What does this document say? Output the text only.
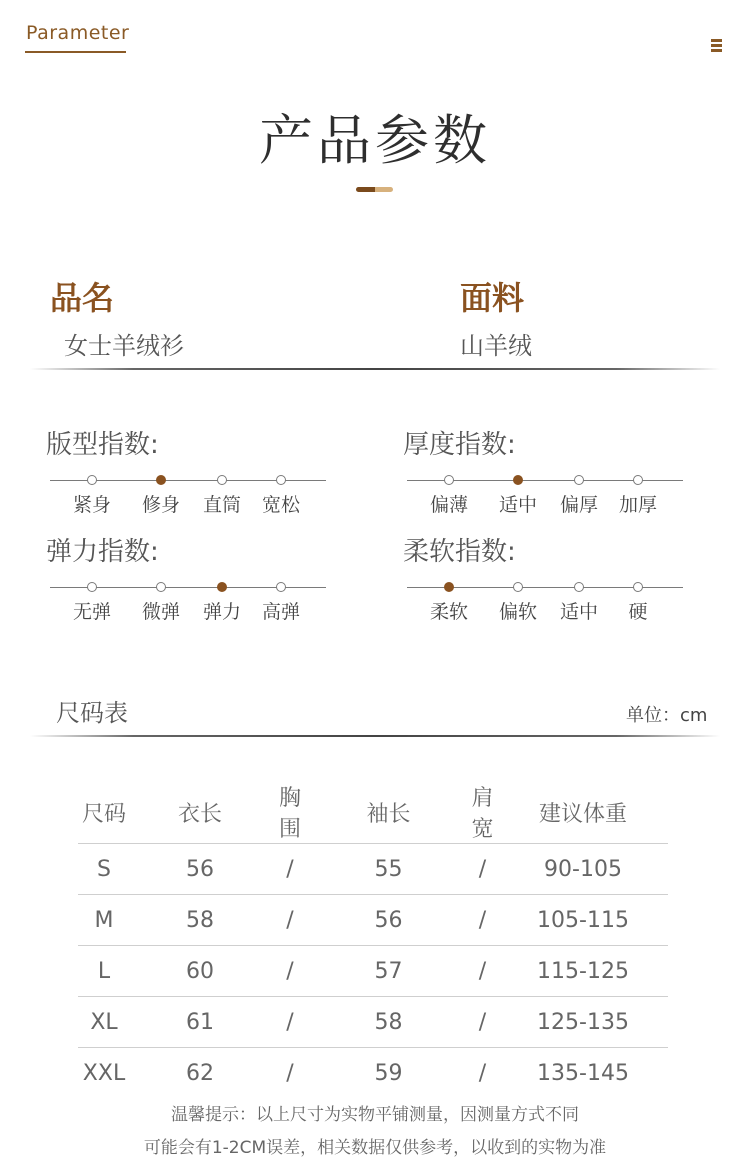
Parameter
产品参数
品名
女士羊绒衫
面料
山羊绒
版型指数:
紧身 修身 直筒 宽松
厚度指数:
偏薄 适中 偏厚 加厚
弹力指数:
无弹 微弹 弹力 高弹
柔软指数:
柔软 偏软 适中 硬
尺码表	单位：cm
尺码	衣长	胸围	袖长	肩宽	建议体重
S	56	/	55	/	90-105
M	58	/	56	/	105-115
L	60	/	57	/	115-125
XL	61	/	58	/	125-135
XXL	62	/	59	/	135-145
温馨提示：以上尺寸为实物平铺测量，因测量方式不同
可能会有1-2CM误差，相关数据仅供参考，以收到的实物为准
